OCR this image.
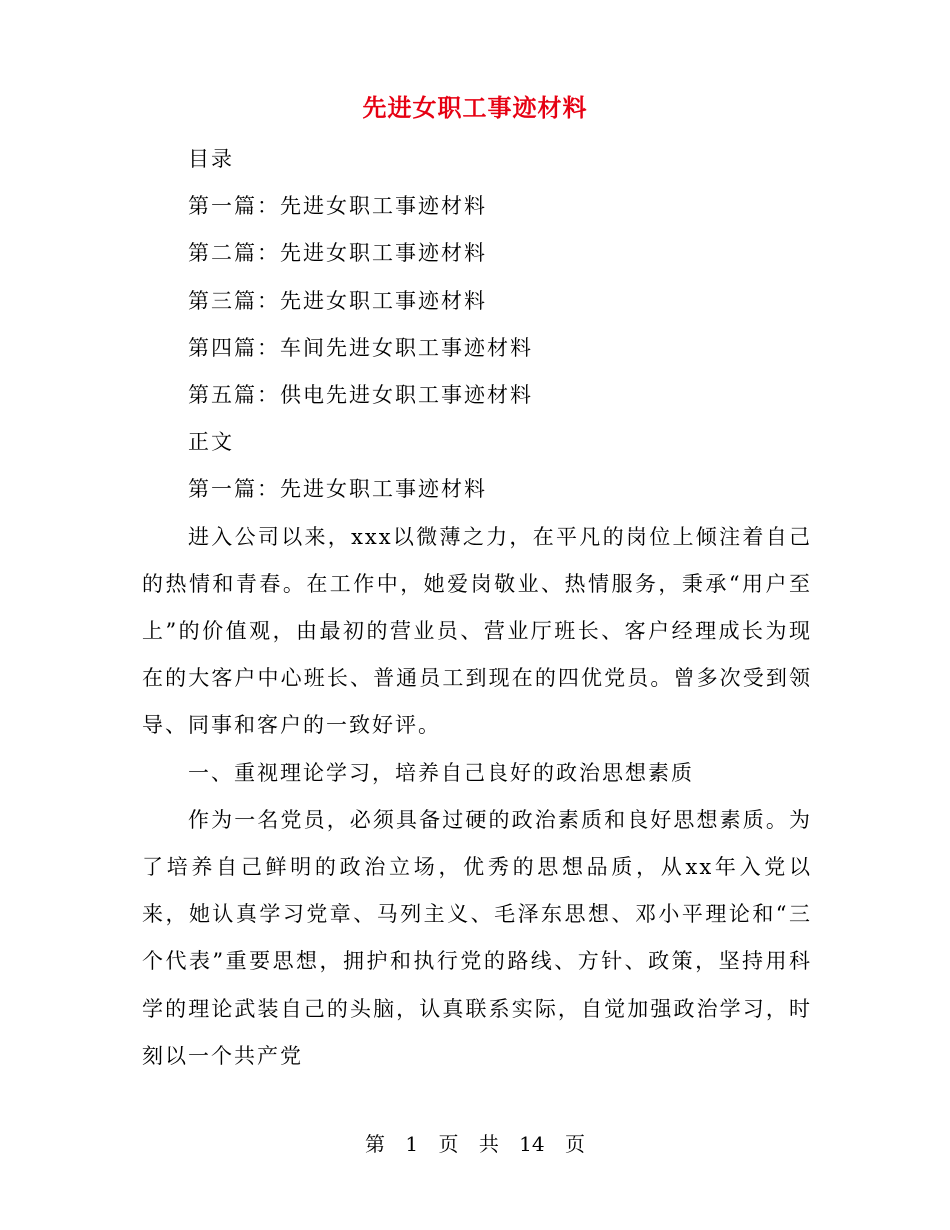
先进女职工事迹材料

目录

第一篇：先进女职工事迹材料

第二篇：先进女职工事迹材料

第三篇：先进女职工事迹材料

第四篇：车间先进女职工事迹材料

第五篇：供电先进女职工事迹材料

正文

第一篇：先进女职工事迹材料

进入公司以来，xxx以微薄之力，在平凡的岗位上倾注着自己的热情和青春。在工作中，她爱岗敬业、热情服务，秉承“用户至上”的价值观，由最初的营业员、营业厅班长、客户经理成长为现在的大客户中心班长、普通员工到现在的四优党员。曾多次受到领导、同事和客户的一致好评。

一、重视理论学习，培养自己良好的政治思想素质

作为一名党员，必须具备过硬的政治素质和良好思想素质。为了培养自己鲜明的政治立场，优秀的思想品质，从xx年入党以来，她认真学习党章、马列主义、毛泽东思想、邓小平理论和“三个代表”重要思想，拥护和执行党的路线、方针、政策，坚持用科学的理论武装自己的头脑，认真联系实际，自觉加强政治学习，时刻以一个共产党

第 1 页 共 14 页
